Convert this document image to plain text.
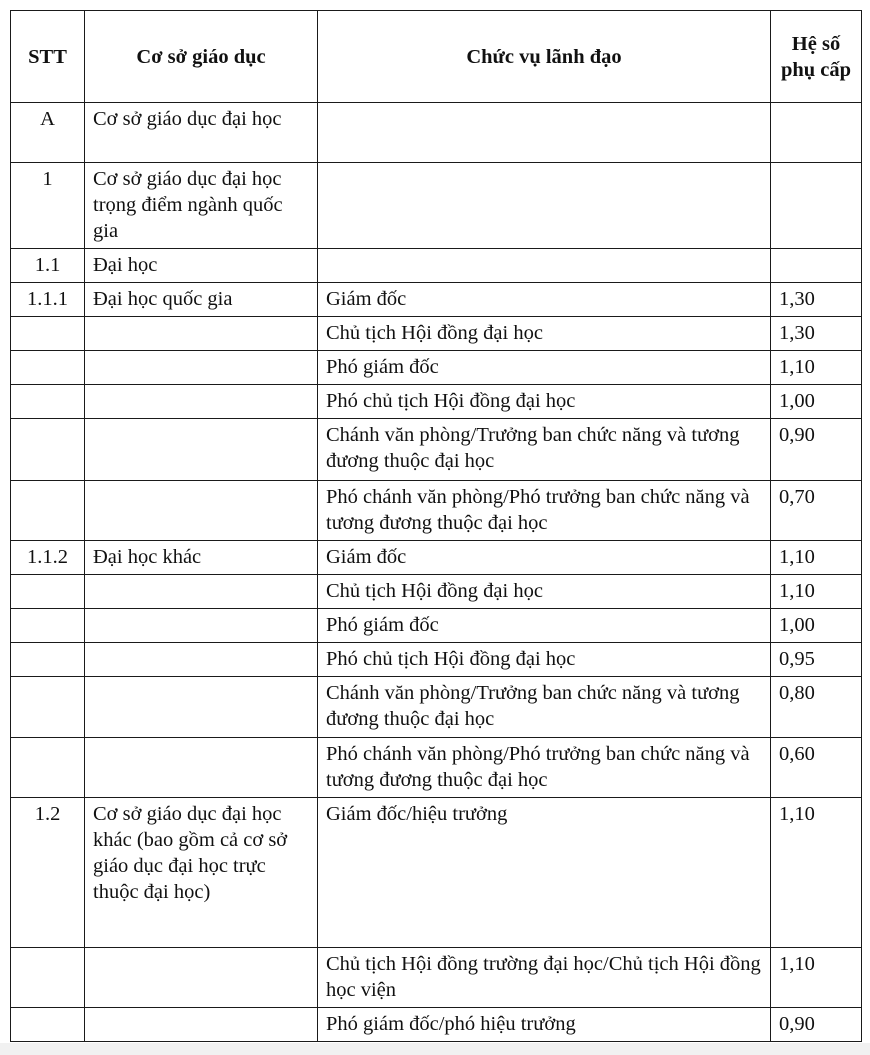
STT	Cơ sở giáo dục	Chức vụ lãnh đạo	Hệ số phụ cấp
A	Cơ sở giáo dục đại học		
1	Cơ sở giáo dục đại học trọng điểm ngành quốc gia		
1.1	Đại học		
1.1.1	Đại học quốc gia	Giám đốc	1,30
		Chủ tịch Hội đồng đại học	1,30
		Phó giám đốc	1,10
		Phó chủ tịch Hội đồng đại học	1,00
		Chánh văn phòng/Trưởng ban chức năng và tương đương thuộc đại học	0,90
		Phó chánh văn phòng/Phó trưởng ban chức năng và tương đương thuộc đại học	0,70
1.1.2	Đại học khác	Giám đốc	1,10
		Chủ tịch Hội đồng đại học	1,10
		Phó giám đốc	1,00
		Phó chủ tịch Hội đồng đại học	0,95
		Chánh văn phòng/Trưởng ban chức năng và tương đương thuộc đại học	0,80
		Phó chánh văn phòng/Phó trưởng ban chức năng và tương đương thuộc đại học	0,60
1.2	Cơ sở giáo dục đại học khác (bao gồm cả cơ sở giáo dục đại học trực thuộc đại học)	Giám đốc/hiệu trưởng	1,10
		Chủ tịch Hội đồng trường đại học/Chủ tịch Hội đồng học viện	1,10
		Phó giám đốc/phó hiệu trưởng	0,90
